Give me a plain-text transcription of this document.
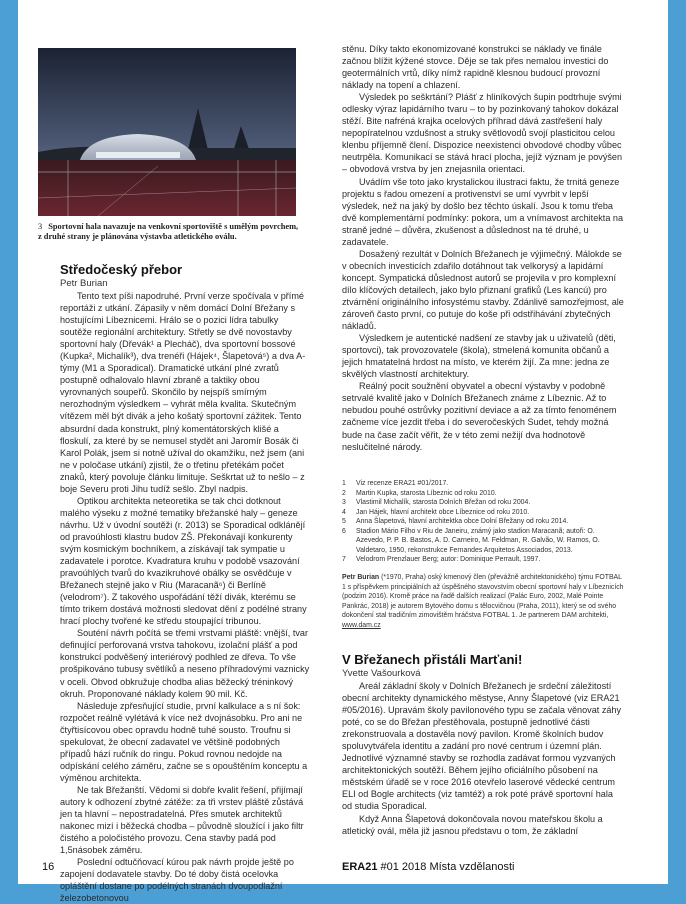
3 Sportovní hala navazuje na venkovní sportoviště s umělým povrchem, z druhé strany je plánována výstavba atletického oválu.
Středočeský přebor
Petr Burian

Tento text píši napodruhé. První verze spočívala v přímé reportáži z utkání. Zápasily v něm domácí Dolní Břežany s hostujícími Líbeznicemi. Hrálo se o pozici lídra tabulky soutěže regionální architektury. Střetly se dvě novostavby sportovní haly (Dřevák¹ a Plecháč), dva sportovní bossové (Kupka², Michalík³), dva trenéři (Hájek⁴, Šlapetová⁵) a dva A-týmy (M1 a Sporadical). Dramatické utkání plné zvratů postupně odhalovalo hlavní zbraně a taktiky obou vyrovnaných soupeřů. Skončilo by nejspíš smírným nerozhodným výsledkem – vyhrát měla kvalita. Skutečným vítězem měl být divák a jeho košatý sportovní zážitek. Tento absurdní dada konstrukt, plný komentátorských klišé a floskulí, za které by se nemusel stydět ani Jaromír Bosák či Karol Polák, jsem si notně užíval do okamžiku, než jsem (ani ne v poločase utkání) zjistil, že o třetinu přetékám počet znaků, který povoluje článku limituje. Seškrtat už to nešlo – z boje Severu proti Jihu tudíž sešlo. Zbyl nadpis.

Optikou architekta neteoretika se tak chci dotknout malého výseku z možné tematiky břežanské haly – geneze návrhu. Už v úvodní soutěži (r. 2013) se Sporadical odklánějí od pravoúhlosti klastru budov ZŠ. Překonávají konkurenty svým kosmickým bochníkem, a získávají tak sympatie u zadavatele i porotce. Kvadratura kruhu v podobě vsazování pravoúhlých tvarů do kvazikruhové obálky se osvědčuje v Břežanech stejně jako v Riu (Maracanã⁶) či Berlíně (velodrom⁷). Z takového uspořádání těží divák, kterému se tímto trikem dostává možnosti sledovat dění z podélné strany hrací plochy tvořené ke středu stoupající tribunou.

Souténí návrh počítá se třemi vrstvami pláště: vnější, tvar definující perforovaná vrstva tahokovu, izolační plášť a pod konstrukcí podvěšený interiérový podhled ze dřeva. To vše prošpikováno tubusy světlíků a neseno příhradovými vaznicky v oceli. Obvod obkružuje chodba alias běžecký tréninkový okruh. Proponované náklady kolem 90 mil. Kč.

Následuje zpřesňující studie, první kalkulace a s ní šok: rozpočet reálně vylétává k více než dvojnásobku. Pro ani ne čtyřtisícovou obec opravdu hodně tuhé sousto. Troufnu si spekulovat, že obecní zadavatel ve většině podobných případů hází ručník do ringu. Pokud rovnou nedojde na odpískání celého záměru, začne se s opouštěním konceptu a výměnou architekta.

Ne tak Břežanští. Vědomi si dobře kvalit řešení, přijímají autory k odhození zbytné zátěže: za tři vrstev pláště zůstává jen ta hlavní – nepostradatelná. Přes smutek architektů nakonec mizí i běžecká chodba – původně sloužící i jako filtr čistého a poločistého provozu. Cena stavby padá pod 1,5násobek záměru.

Poslední odtučňovací kúrou pak návrh projde ještě po zapojení dodavatele stavby. Do té doby čistá ocelovka opláštění dostane po podélných stranách dvoupodlažní železobetonovou

stěnu. Díky takto ekonomizované konstrukci se náklady ve finále začnou blížit kýžené stovce. Děje se tak přes nemalou investici do geotermálních vrtů, díky nímž rapidně klesnou budoucí provozní náklady na topení a chlazení.

Výsledek po seškrtání? Plášť z hliníkových šupin podtrhuje svými odlesky výraz lapidárního tvaru – to by pozinkovaný tahokov dokázal stěží. Bite nafréná krajka ocelových příhrad dává zastřešení haly nepopíratelnou vzdušnost a struky světlovodů svojí plasticitou celou klenbu příjemně člení. Dispozice neexistenci obvodové chodby vůbec neutrpěla. Komunikací se stává hrací plocha, jejíž význam je povýšen – obvodová vrstva by jen znejasnila orientaci.

Uvádím vše toto jako krystalickou ilustraci faktu, že trnitá geneze projektu s řadou omezení a protivenství se umí vyvrbit v lepší výsledek, než na jaký by došlo bez těchto úskalí. Jsou k tomu třeba dvě komplementární podmínky: pokora, um a vnímavost architekta na straně jedné – důvěra, zkušenost a důslednost na té druhé, u zadavatele.

Dosažený rezultát v Dolních Břežanech je výjimečný. Málokde se v obecních investicích zdařilo dotáhnout tak velkorysý a lapidární koncept. Sympatická důslednost autorů se projevila v pro komplexní dílo klíčových detailech, jako bylo přiznaní grafiků (Les kancú) pro ztvárnění originálního infosystému stavby. Zdánlivě samozřejmost, ale zároveň často první, co putuje do koše při odstřihávání zbytečných nákladů.

Výsledkem je autentické nadšení ze stavby jak u uživatelů (děti, sportovci), tak provozovatele (škola), stmelená komunita občanů a jejich hmatatelná hrdost na místo, ve kterém žijí. Za mne: jedna ze skvělých vlastností architektury.

Reálný pocit soužnění obyvatel a obecní výstavby v podobně setrvalé kvalitě jako v Dolních Břežanech známe z Líbeznic. Až to nebudou pouhé ostrůvky pozitivní deviace a až za tímto fenoménem začneme více jezdit třeba i do severočeských Sudet, tehdy možná bude na čase začít věřit, že v této zemi nežijí dva hodnotově neslučitelné národy.

1	Viz recenze ERA21 #01/2017.
2	Martin Kupka, starosta Líbeznic od roku 2010.
3	Vlastimil Michalík, starosta Dolních Břežan od roku 2004.
4	Jan Hájek, hlavní architekt obce Líbeznice od roku 2010.
5	Anna Šlapetová, hlavní architektka obce Dolní Břežany od roku 2014.
6	Stadion Mário Filho v Riu de Janeiru, známý jako stadion Maracanã; autoři: O. Azevedo, P. P. B. Bastos, A. D. Carneiro, M. Feldman, R. Galvão, W. Ramos, O. Valdetaro, 1950, rekonstrukce Fernandes Arquitetos Associados, 2013.
7	Velodrom Prenzlauer Berg; autor: Dominique Perrault, 1997.
Petr Burian (*1970, Praha) oský kmenový člen (převážně architektonického) týmu FOTBAL 1 s příspěvkem principiálních až úspěšného stavovstvím obecní sportovní haly v Líbeznicích (podzim 2016). Kromě práce na řadě dalších realizací (Palác Euro, 2002, Malé Pointe Pankrác, 2018) je autorem Bytového domu s tělocvičnou (Praha, 2011), který se od svého dokončení stal tradičním zimovištěm hráčstva FOTBAL 1. Je partnerem DAM architekti, www.dam.cz
V Břežanech přistáli Marťani!
Yvette Vašourková

Areál základní školy v Dolních Břežanech je srdeční záležitostí obecní architekty dynamického městyse, Anny Šlapetové (viz ERA21 #05/2016). Upravám školy pavilonového typu se začala věnovat záhy poté, co se do Břežan přestěhovala, postupně jednotlivé části zrekonstruovala a dostavěla nový pavilon. Kromě školních budov spoluvytvářela identitu a zadání pro nové centrum i územní plán. Jednotlivé významné stavby se rozhodla zadávat formou vyzvaných architektonických soutěží. Během jejího oficiálního působení na městském úřadě se v roce 2016 otevřelo laserové vědecké centrum ELI od Bogle architects (viz tamtéž) a rok poté právě sportovní hala od studia Sporadical.

Když Anna Šlapetová dokončovala novou mateřskou školu a atletický ovál, měla již jasnou představu o tom, že základní

16	ERA21 #01 2018 Místa vzdělanosti
